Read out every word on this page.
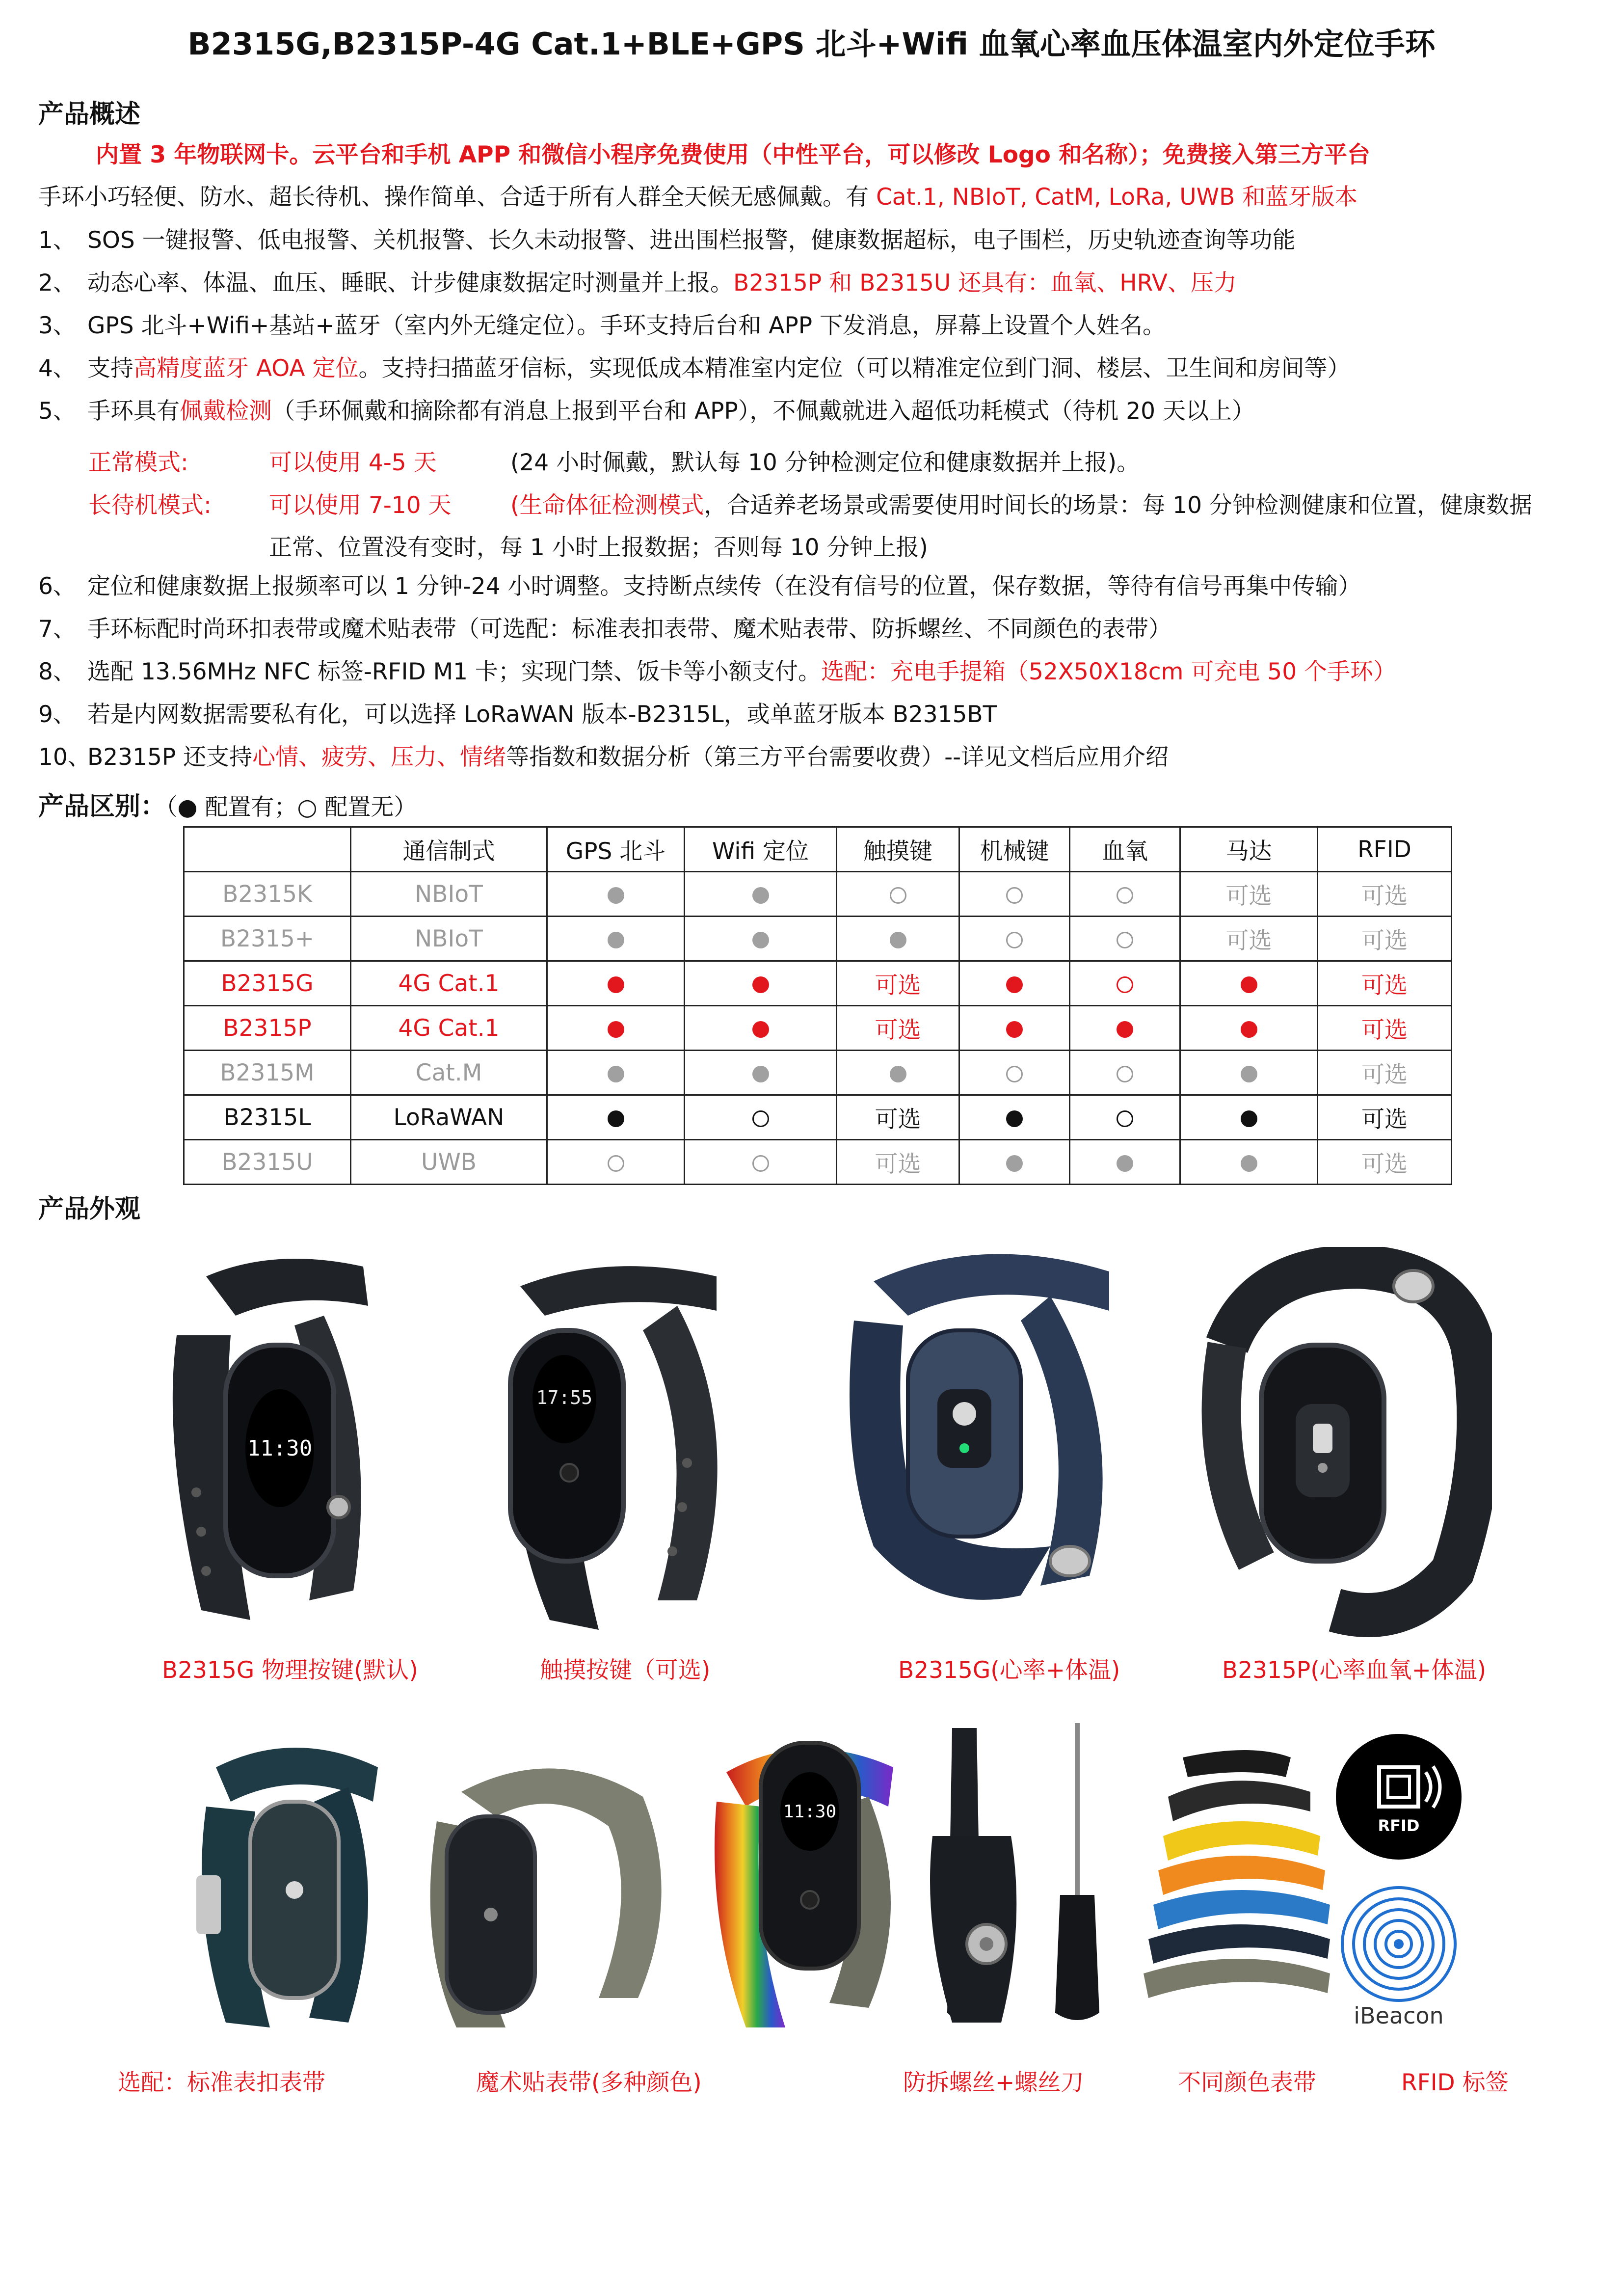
B2315G,B2315P-4G Cat.1+BLE+GPS 北斗+Wifi 血氧心率血压体温室内外定位手环
产品概述
内置 3 年物联网卡。云平台和手机 APP 和微信小程序免费使用（中性平台，可以修改 Logo 和名称）；免费接入第三方平台
手环小巧轻便、防水、超长待机、操作简单、合适于所有人群全天候无感佩戴。有 Cat.1, NBIoT, CatM, LoRa, UWB 和蓝牙版本
1、 SOS 一键报警、低电报警、关机报警、长久未动报警、进出围栏报警，健康数据超标，电子围栏，历史轨迹查询等功能
2、 动态心率、体温、血压、睡眠、计步健康数据定时测量并上报。B2315P 和 B2315U 还具有：血氧、HRV、压力
3、 GPS 北斗+Wifi+基站+蓝牙（室内外无缝定位）。手环支持后台和 APP 下发消息，屏幕上设置个人姓名。
4、 支持高精度蓝牙 AOA 定位。支持扫描蓝牙信标，实现低成本精准室内定位（可以精准定位到门洞、楼层、卫生间和房间等）
5、 手环具有佩戴检测（手环佩戴和摘除都有消息上报到平台和 APP），不佩戴就进入超低功耗模式（待机 20 天以上）
正常模式:	可以使用 4-5 天	(24 小时佩戴，默认每 10 分钟检测定位和健康数据并上报)。
长待机模式: 可以使用 7-10 天	(生命体征检测模式，合适养老场景或需要使用时间长的场景：每 10 分钟检测健康和位置，健康数据
正常、位置没有变时，每 1 小时上报数据；否则每 10 分钟上报)
6、 定位和健康数据上报频率可以 1 分钟-24 小时调整。支持断点续传（在没有信号的位置，保存数据，等待有信号再集中传输）
7、 手环标配时尚环扣表带或魔术贴表带（可选配：标准表扣表带、魔术贴表带、防拆螺丝、不同颜色的表带）
8、 选配 13.56MHz NFC 标签-RFID M1 卡；实现门禁、饭卡等小额支付。选配：充电手提箱（52X50X18cm 可充电 50 个手环）
9、 若是内网数据需要私有化，可以选择 LoRaWAN 版本-B2315L，或单蓝牙版本 B2315BT
10、B2315P 还支持心情、疲劳、压力、情绪等指数和数据分析（第三方平台需要收费）--详见文档后应用介绍
产品区别：（● 配置有；○ 配置无）
	通信制式	GPS 北斗	Wifi 定位	触摸键	机械键	血氧	马达	RFID
B2315K	NBIoT						可选	可选
B2315+	NBIoT						可选	可选
B2315G	4G Cat.1			可选				可选
B2315P	4G Cat.1			可选				可选
B2315M	Cat.M							可选
B2315L	LoRaWAN			可选				可选
B2315U	UWB			可选				可选
产品外观
11:30
17:55
B2315G 物理按键(默认)	触摸按键（可选)	B2315G(心率+体温)	B2315P(心率血氧+体温)
11:30
RFID
iBeacon
选配：标准表扣表带	魔术贴表带(多种颜色)	防拆螺丝+螺丝刀	不同颜色表带	RFID 标签
